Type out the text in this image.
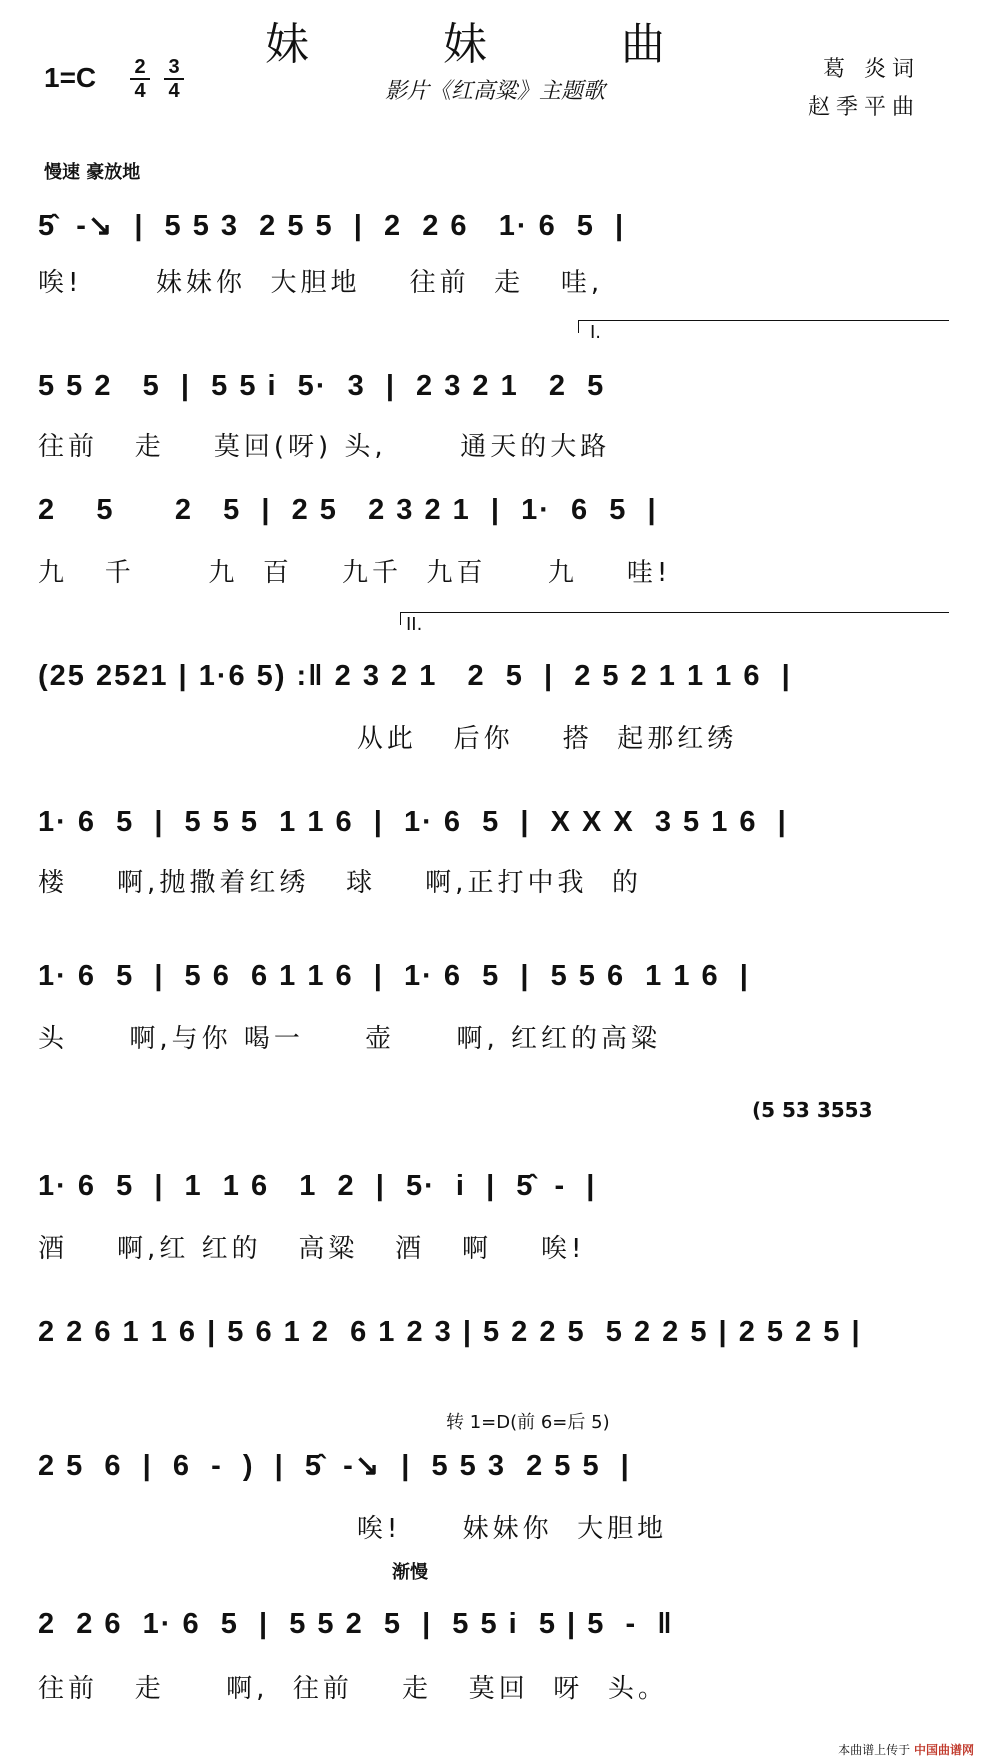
妹 妹 曲
1=C	2
4
3
4	影片《红高粱》主题歌
葛 炎词
赵季平曲
慢速 豪放地
I.
II.
(5 53 3553
转 1=D(前 6=后 5)
渐慢
5̂  -↘  |  5 5 3  2 5 5  |  2  2 6   1· 6  5  |
唉!      妹妹你  大胆地    往前  走   哇,
5 5 2   5  |  5 5 i  5·  3  |  2 3 2 1   2  5
往前   走    莫回(呀) 头,      通天的大路
2    5      2   5  |  2 5   2 3 2 1  |  1·  6  5  |
九   千      九  百    九千  九百     九    哇!
(25 2521 | 1·6 5) :‖ 2 3 2 1   2  5  |  2 5 2 1 1 1 6  |
从此   后你    搭  起那红绣
1· 6  5  |  5 5 5  1 1 6  |  1· 6  5  |  X X X  3 5 1 6  |
楼    啊,抛撒着红绣   球    啊,正打中我  的
1· 6  5  |  5 6  6 1 1 6  |  1· 6  5  |  5 5 6  1 1 6  |
头     啊,与你 喝一     壶     啊, 红红的高粱
1· 6  5  |  1  1 6   1  2  |  5·  i  |  5̂  -  |
酒    啊,红 红的   高粱   酒   啊    唉!
2 2 6 1 1 6 | 5 6 1 2  6 1 2 3 | 5 2 2 5  5 2 2 5 | 2 5 2 5 |
2 5  6  |  6  -  )  |  5̂  -↘  |  5 5 3  2 5 5  |
唉!     妹妹你  大胆地
2  2 6  1· 6  5  |  5 5 2  5  |  5 5 i  5 | 5  -  ‖
往前   走     啊,  往前    走   莫回  呀  头。
本曲谱上传于 中国曲谱网
